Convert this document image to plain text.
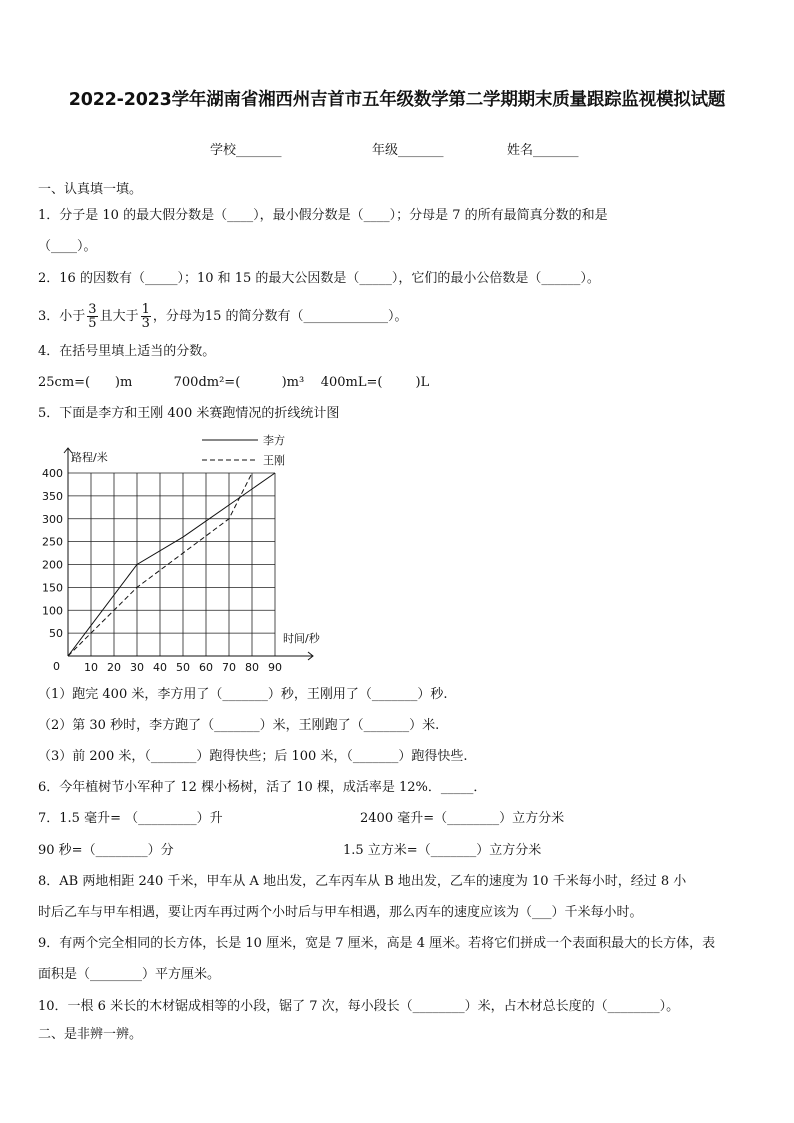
2022-2023学年湖南省湘西州吉首市五年级数学第二学期期末质量跟踪监视模拟试题
学校_______	年级_______	姓名_______
一、认真填一填。
1．分子是 10 的最大假分数是（____），最小假分数是（____）；分母是 7 的所有最简真分数的和是
（____）。
2．16 的因数有（_____）；10 和 15 的最大公因数是（_____），它们的最小公倍数是（______）。
3．小于 $\frac{3}{5}$ 且大于 $\frac{1}{3}$ ，分母为15 的简分数有（_____________）。
4．在括号里填上适当的分数。
25cm=(      )m          700dm²=(          )m³    400mL=(        )L
5．下面是李方和王刚 400 米赛跑情况的折线统计图
10 20 30 40 50 60 70 80 90
50
100
150
200
250
300
350
400
0
时间/秒
路程/米
李方
王刚
（1）跑完 400 米，李方用了（_______）秒，王刚用了（_______）秒.
（2）第 30 秒时，李方跑了（_______）米，王刚跑了（_______）米.
（3）前 200 米，（_______）跑得快些；后 100 米，（_______）跑得快些.
6．今年植树节小军种了 12 棵小杨树，活了 10 棵，成活率是 12%．_____．
7．1.5 毫升= （_________）升	2400 毫升=（________）立方分米
90 秒=（________）分	1.5 立方米=（_______）立方分米
8．AB 两地相距 240 千米，甲车从 A 地出发，乙车丙车从 B 地出发，乙车的速度为 10 千米每小时，经过 8 小
时后乙车与甲车相遇，要让丙车再过两个小时后与甲车相遇，那么丙车的速度应该为（___）千米每小时。
9．有两个完全相同的长方体，长是 10 厘米，宽是 7 厘米，高是 4 厘米。若将它们拼成一个表面积最大的长方体，表
面积是（________）平方厘米。
10．一根 6 米长的木材锯成相等的小段，锯了 7 次，每小段长（________）米，占木材总长度的（________）。
二、是非辨一辨。
